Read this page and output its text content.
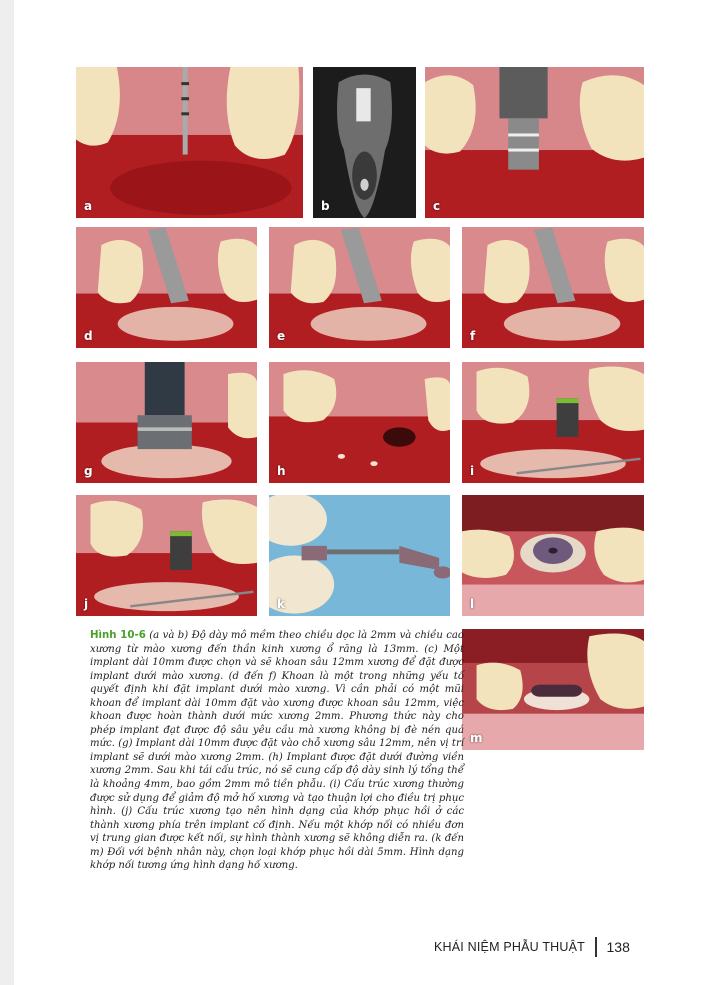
a	b	c
d	e	f
g	h	i
j	k	l
m

Hình 10-6 (a và b) Độ dày mô mềm theo chiều dọc là 2mm và chiều cao xương từ mào xương đến thần kinh xương ổ răng là 13mm. (c) Một implant dài 10mm được chọn và sẽ khoan sâu 12mm xương để đặt được implant dưới mào xương. (d đến f) Khoan là một trong những yếu tố quyết định khi đặt implant dưới mào xương. Vì cần phải có một mũi khoan để implant dài 10mm đặt vào xương được khoan sâu 12mm, việc khoan được hoàn thành dưới mức xương 2mm. Phương thức này cho phép implant đạt được độ sâu yêu cầu mà xương không bị đè nén quá mức. (g) Implant dài 10mm được đặt vào chỗ xương sâu 12mm, nên vị trí implant sẽ dưới mào xương 2mm. (h) Implant được đặt dưới đường viền xương 2mm. Sau khi tái cấu trúc, nó sẽ cung cấp độ dày sinh lý tổng thể là khoảng 4mm, bao gồm 2mm mô tiền phẫu. (i) Cấu trúc xương thường được sử dụng để giảm độ mở hố xương và tạo thuận lợi cho điều trị phục hình. (j) Cấu trúc xương tạo nên hình dạng của khớp phục hồi ở các thành xương phía trên implant cố định. Nếu một khớp nối có nhiều đơn vị trung gian được kết nối, sự hình thành xương sẽ không diễn ra. (k đến m) Đối với bệnh nhân này, chọn loại khớp phục hồi dài 5mm. Hình dạng khớp nối tương ứng hình dạng hố xương.

KHÁI NIỆM PHẪU THUẬT 138
